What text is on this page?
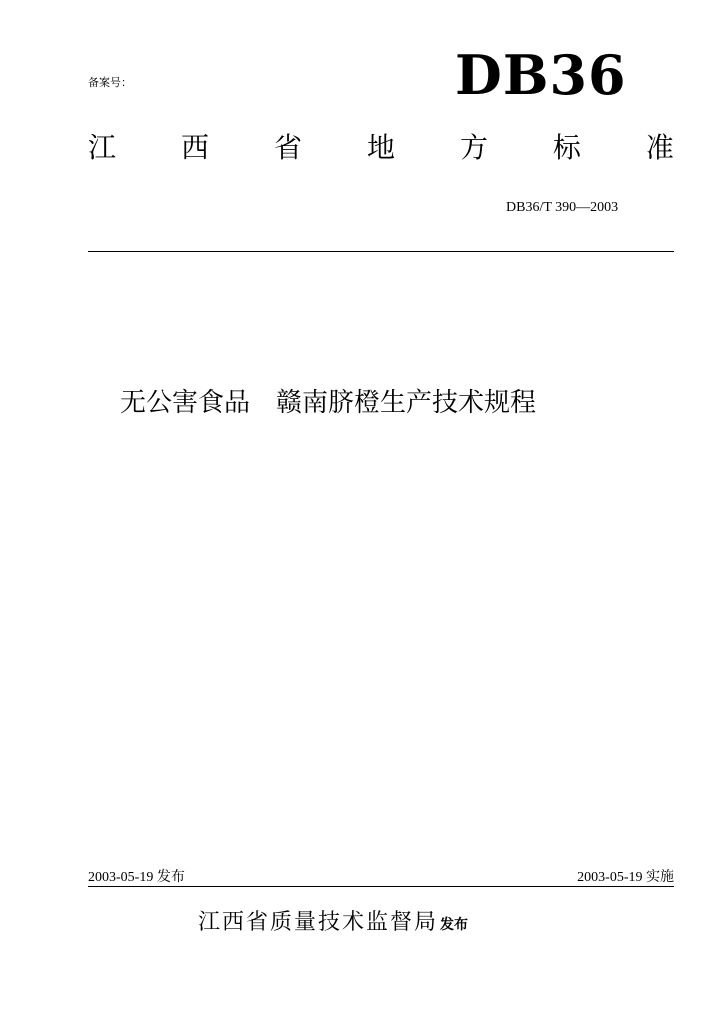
备案号：	DB36
江 西 省 地 方 标 准
DB36/T 390—2003
无公害食品　赣南脐橙生产技术规程
2003-05-19 发布	2003-05-19 实施
江西省质量技术监督局 发布
